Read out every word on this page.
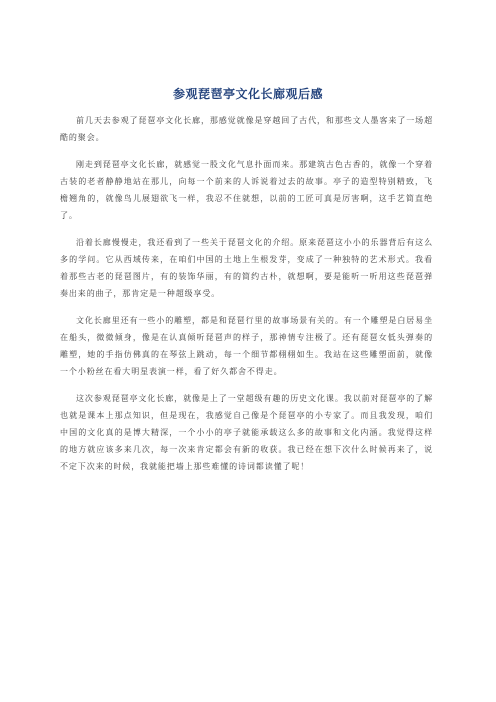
参观琵琶亭文化长廊观后感

前几天去参观了琵琶亭文化长廊，那感觉就像是穿越回了古代，和那些文人墨客来了一场超酷的聚会。

刚走到琵琶亭文化长廊，就感觉一股文化气息扑面而来。那建筑古色古香的，就像一个穿着古装的老者静静地站在那儿，向每一个前来的人诉说着过去的故事。亭子的造型特别精致，飞檐翘角的，就像鸟儿展翅欲飞一样，我忍不住就想，以前的工匠可真是厉害啊，这手艺简直绝了。

沿着长廊慢慢走，我还看到了一些关于琵琶文化的介绍。原来琵琶这小小的乐器背后有这么多的学问。它从西域传来，在咱们中国的土地上生根发芽，变成了一种独特的艺术形式。我看着那些古老的琵琶图片，有的装饰华丽，有的简约古朴，就想啊，要是能听一听用这些琵琶弹奏出来的曲子，那肯定是一种超级享受。

文化长廊里还有一些小的雕塑，都是和琵琶行里的故事场景有关的。有一个雕塑是白居易坐在船头，微微倾身，像是在认真倾听琵琶声的样子，那神情专注极了。还有琵琶女低头弹奏的雕塑，她的手指仿佛真的在琴弦上跳动，每一个细节都栩栩如生。我站在这些雕塑面前，就像一个小粉丝在看大明星表演一样，看了好久都舍不得走。

这次参观琵琶亭文化长廊，就像是上了一堂超级有趣的历史文化课。我以前对琵琶亭的了解也就是课本上那点知识，但是现在，我感觉自己像是个琵琶亭的小专家了。而且我发现，咱们中国的文化真的是博大精深，一个小小的亭子就能承载这么多的故事和文化内涵。我觉得这样的地方就应该多来几次，每一次来肯定都会有新的收获。我已经在想下次什么时候再来了，说不定下次来的时候，我就能把墙上那些难懂的诗词都读懂了呢！
